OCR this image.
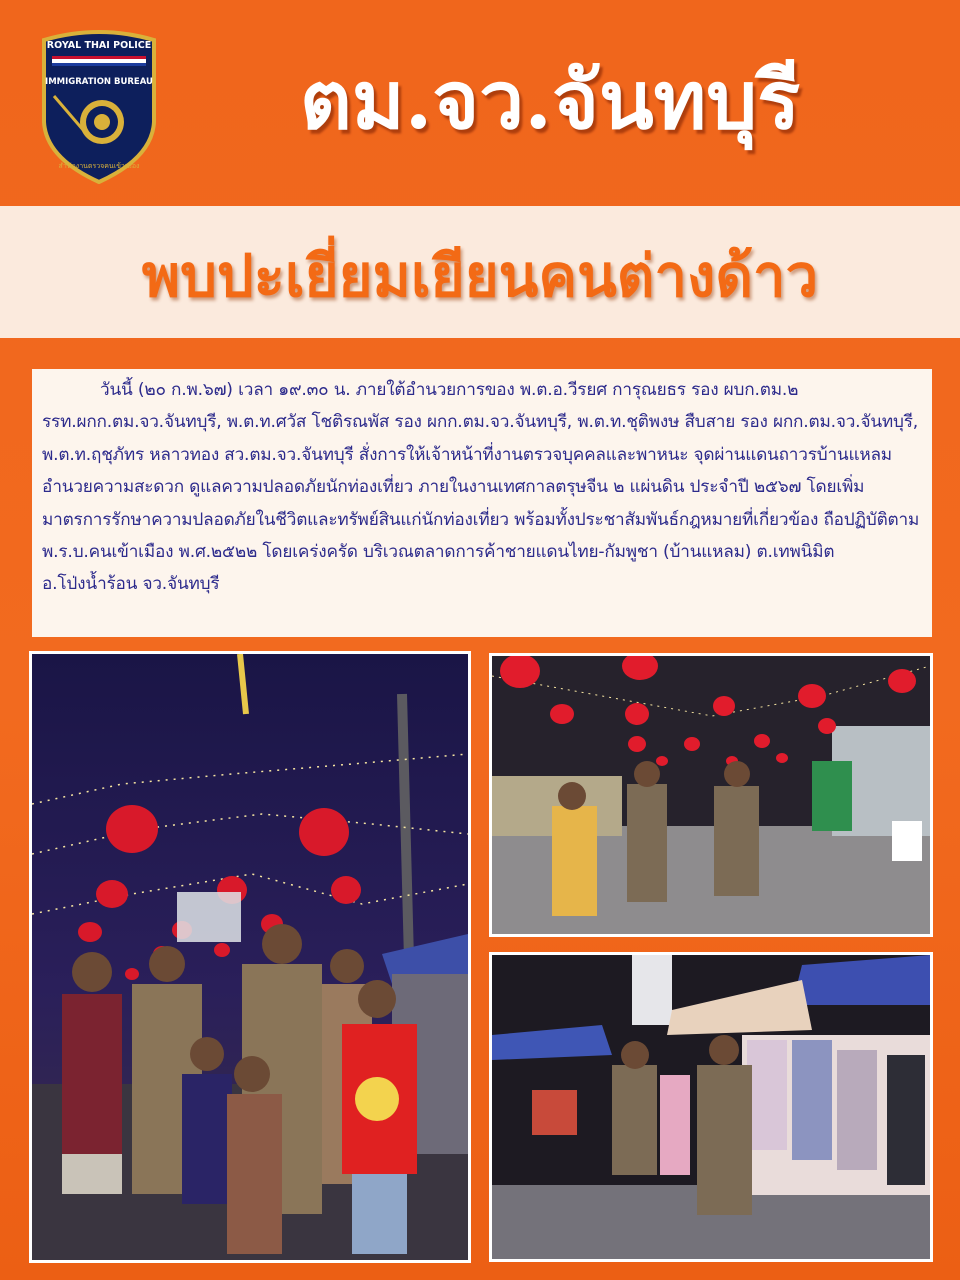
ROYAL THAI POLICE
IMMIGRATION BUREAU
สำนักงานตรวจคนเข้าเมือง
ตม.จว.จันทบุรี
พบปะเยี่ยมเยียนคนต่างด้าว

วันนี้ (๒๐ ก.พ.๖๗) เวลา ๑๙.๓๐ น. ภายใต้อำนวยการของ พ.ต.อ.วีรยศ การุณยธร รอง ผบก.ตม.๒ รรท.ผกก.ตม.จว.จันทบุรี, พ.ต.ท.ศวัส โชติรณพัส รอง ผกก.ตม.จว.จันทบุรี, พ.ต.ท.ชุติพงษ สืบสาย รอง ผกก.ตม.จว.จันทบุรี, พ.ต.ท.ฤชุภัทร หลาวทอง สว.ตม.จว.จันทบุรี สั่งการให้เจ้าหน้าที่งานตรวจบุคคลและพาหนะ จุดผ่านแดนถาวรบ้านแหลม อำนวยความสะดวก ดูแลความปลอดภัยนักท่องเที่ยว ภายในงานเทศกาลตรุษจีน ๒ แผ่นดิน ประจำปี ๒๕๖๗ โดยเพิ่มมาตรการรักษาความปลอดภัยในชีวิตและทรัพย์สินแก่นักท่องเที่ยว พร้อมทั้งประชาสัมพันธ์กฎหมายที่เกี่ยวข้อง ถือปฏิบัติตาม พ.ร.บ.คนเข้าเมือง พ.ศ.๒๕๒๒ โดยเคร่งครัด บริเวณตลาดการค้าชายแดนไทย-กัมพูชา (บ้านแหลม) ต.เทพนิมิต อ.โป่งน้ำร้อน จว.จันทบุรี
